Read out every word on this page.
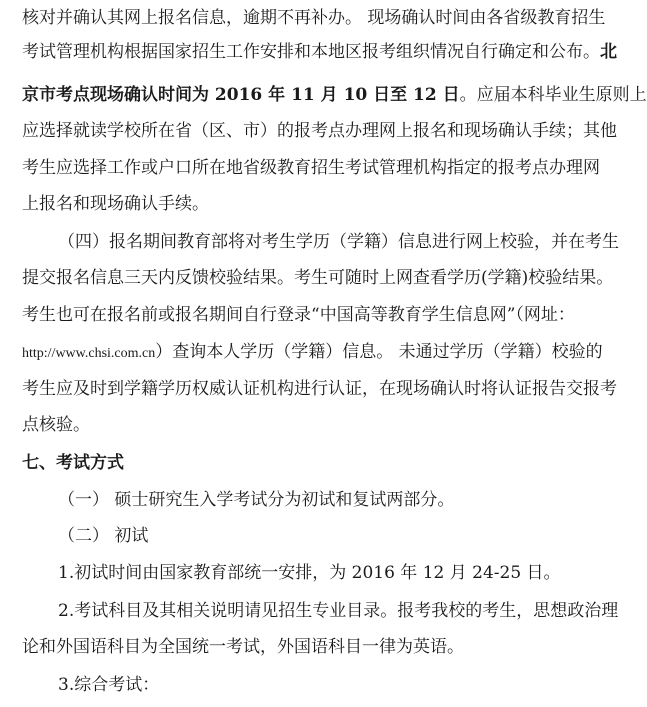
核对并确认其网上报名信息，逾期不再补办。 现场确认时间由各省级教育招生
考试管理机构根据国家招生工作安排和本地区报考组织情况自行确定和公布。北
京市考点现场确认时间为 2016 年 11 月 10 日至 12 日。应届本科毕业生原则上
应选择就读学校所在省（区、市）的报考点办理网上报名和现场确认手续；其他
考生应选择工作或户口所在地省级教育招生考试管理机构指定的报考点办理网
上报名和现场确认手续。
（四）报名期间教育部将对考生学历（学籍）信息进行网上校验，并在考生
提交报名信息三天内反馈校验结果。考生可随时上网查看学历(学籍)校验结果。
考生也可在报名前或报名期间自行登录“中国高等教育学生信息网”（网址：
http://www.chsi.com.cn）查询本人学历（学籍）信息。 未通过学历（学籍）校验的
考生应及时到学籍学历权威认证机构进行认证，在现场确认时将认证报告交报考
点核验。
七、考试方式
（一） 硕士研究生入学考试分为初试和复试两部分。
（二） 初试
1.初试时间由国家教育部统一安排，为 2016 年 12 月 24-25 日。
2.考试科目及其相关说明请见招生专业目录。报考我校的考生，思想政治理
论和外国语科目为全国统一考试，外国语科目一律为英语。
3.综合考试：
